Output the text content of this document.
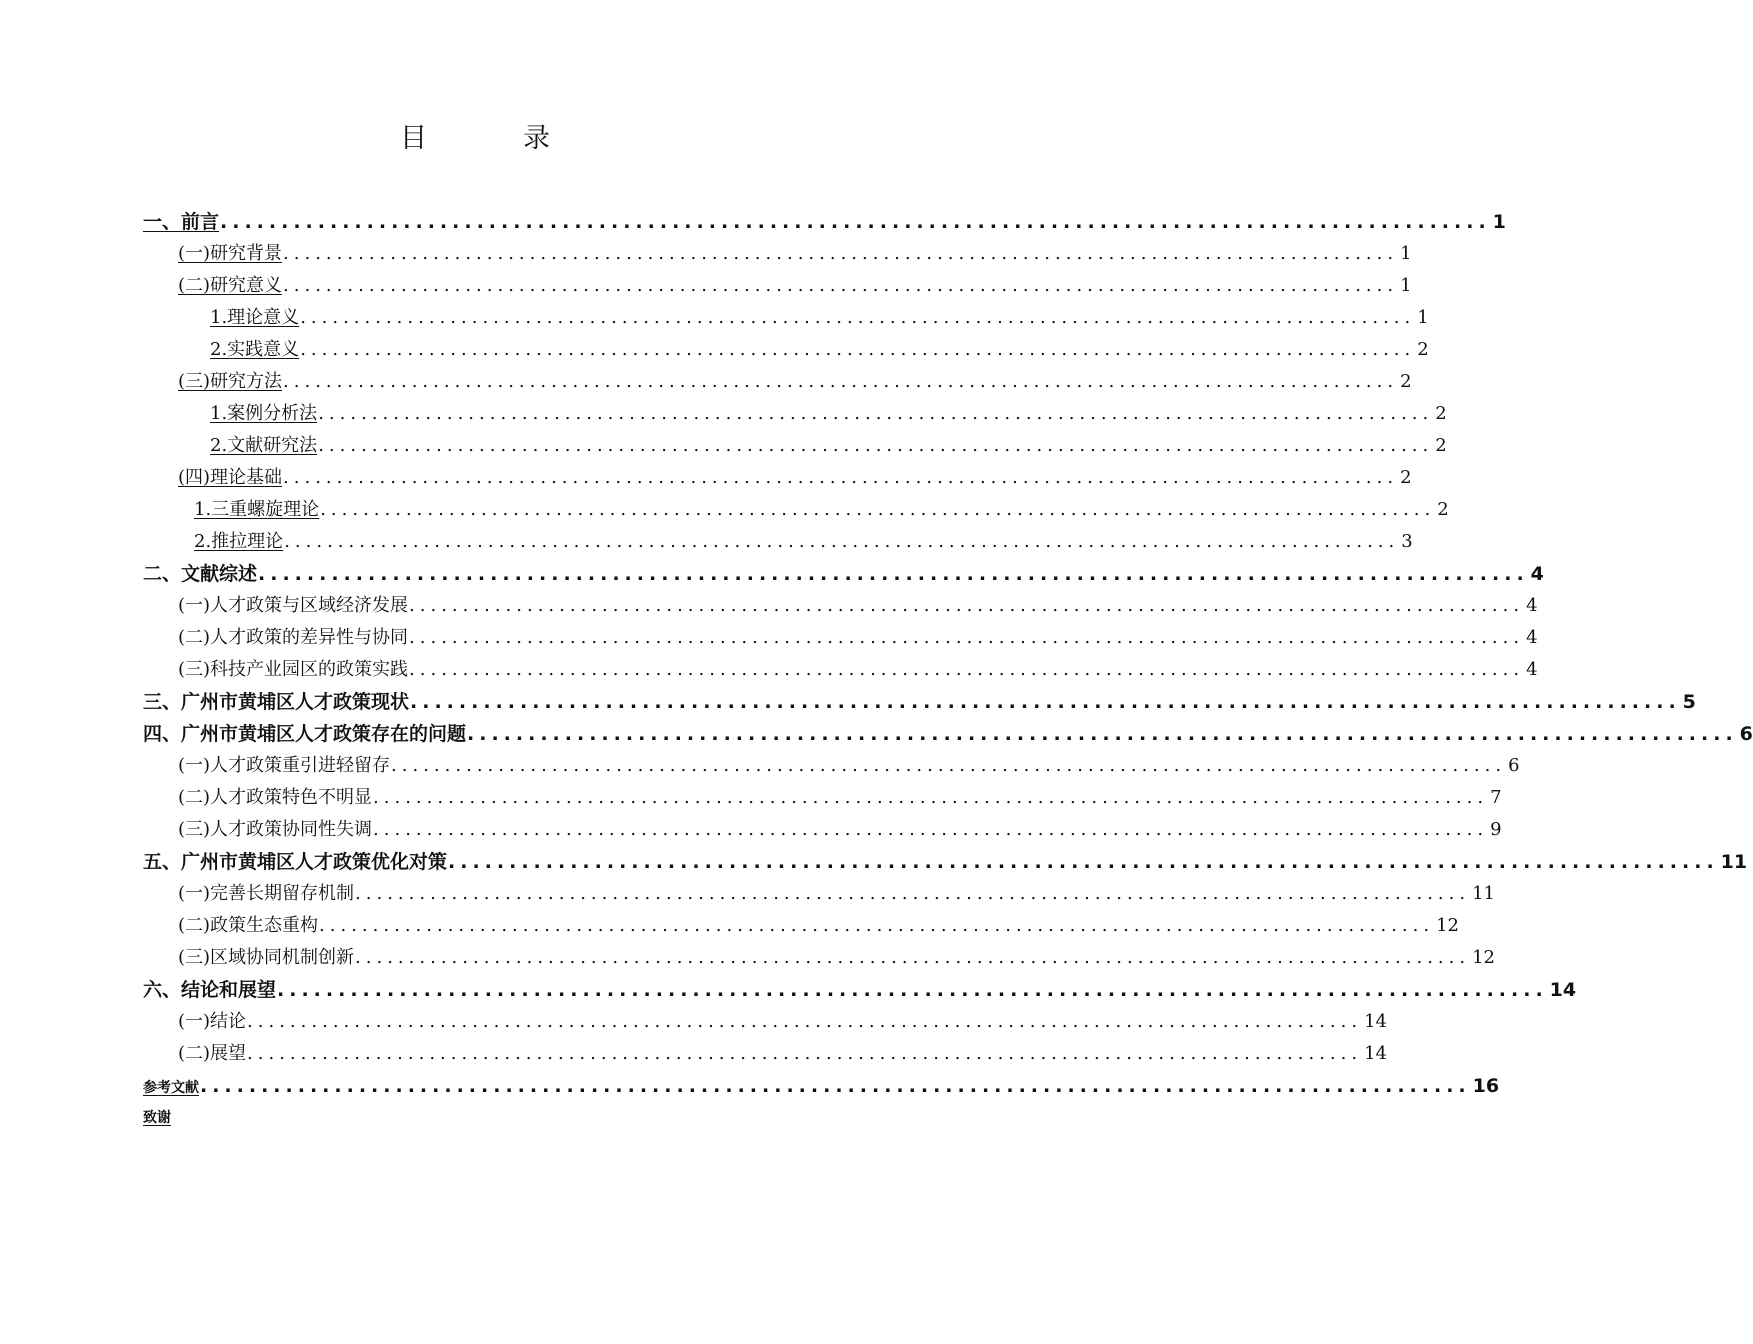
目	录
一、前言 ........................................................................................................ 1
(一)研究背景 ........................................................................................................ 1
(二)研究意义 ........................................................................................................ 1
1.理论意义 ........................................................................................................ 1
2.实践意义 ........................................................................................................ 2
(三)研究方法 ........................................................................................................ 2
1.案例分析法 ........................................................................................................ 2
2.文献研究法 ........................................................................................................ 2
(四)理论基础 ........................................................................................................ 2
1.三重螺旋理论 ........................................................................................................ 2
2.推拉理论 ........................................................................................................ 3
二、文献综述 ........................................................................................................ 4
(一)人才政策与区域经济发展 ........................................................................................................ 4
(二)人才政策的差异性与协同 ........................................................................................................ 4
(三)科技产业园区的政策实践 ........................................................................................................ 4
三、广州市黄埔区人才政策现状 ........................................................................................................ 5
四、广州市黄埔区人才政策存在的问题 ........................................................................................................ 6
(一)人才政策重引进轻留存 ........................................................................................................ 6
(二)人才政策特色不明显 ........................................................................................................ 7
(三)人才政策协同性失调 ........................................................................................................ 9
五、广州市黄埔区人才政策优化对策 ........................................................................................................ 11
(一)完善长期留存机制 ........................................................................................................ 11
(二)政策生态重构 ........................................................................................................ 12
(三)区域协同机制创新 ........................................................................................................ 12
六、结论和展望 ........................................................................................................ 14
(一)结论 ........................................................................................................ 14
(二)展望 ........................................................................................................ 14
参考文献 ........................................................................................................ 16
致谢
